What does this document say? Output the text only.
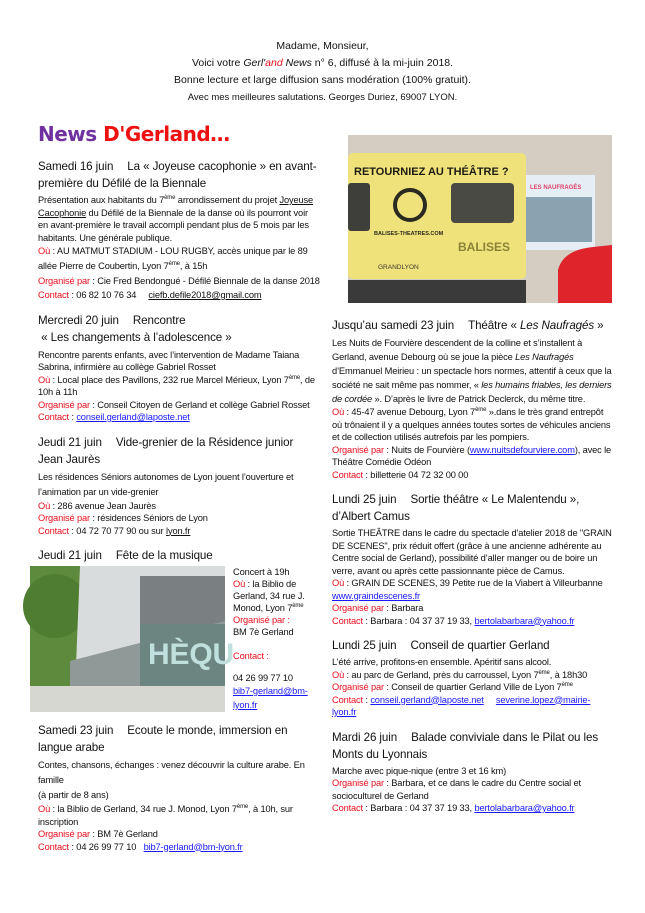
Madame, Monsieur,
Voici votre Gerl'and News n° 6, diffusé à la mi-juin 2018.
Bonne lecture et large diffusion sans modération (100% gratuit).
Avec mes meilleures salutations. Georges Duriez, 69007 LYON.
News D'Gerland…
Samedi 16 juin La « Joyeuse cacophonie » en avant-première du Défilé de la Biennale

Présentation aux habitants du 7ème arrondissement du projet Joyeuse Cacophonie du Défilé de la Biennale de la danse où ils pourront voir en avant-première le travail accompli pendant plus de 5 mois par les habitants. Une générale publique.

Où : AU MATMUT STADIUM - LOU RUGBY, accès unique par le 89 allée Pierre de Coubertin, Lyon 7ème, à 15h

Organisé par : Cie Fred Bendongué - Défilé Biennale de la danse 2018

Contact : 06 82 10 76 34 ciefb.defile2018@gmail.com

Mercredi 20 juin Rencontre
« Les changements à l’adolescence »

Rencontre parents enfants, avec l’intervention de Madame Taiana Sabrina, infirmière au collège Gabriel Rosset

Où : Local place des Pavillons, 232 rue Marcel Mérieux, Lyon 7ème, de 10h à 11h

Organisé par : Conseil Citoyen de Gerland et collège Gabriel Rosset

Contact : conseil.gerland@laposte.net

Jeudi 21 juin Vide-grenier de la Résidence junior Jean Jaurès

Les résidences Séniors autonomes de Lyon jouent l’ouverture et l’animation par un vide-grenier

Où : 286 avenue Jean Jaurès

Organisé par : résidences Séniors de Lyon

Contact : 04 72 70 77 90 ou sur lyon.fr

Jeudi 21 juin Fête de la musique
HÈQU

Concert à 19h

Où : la Biblio de Gerland, 34 rue J. Monod, Lyon 7ème

Organisé par :
BM 7è Gerland

Contact :

04 26 99 77 10

bib7-gerland@bm-lyon.fr

Samedi 23 juin Ecoute le monde, immersion en langue arabe

Contes, chansons, échanges : venez découvrir la culture arabe. En famille

(à partir de 8 ans)

Où : la Biblio de Gerland, 34 rue J. Monod, Lyon 7ème, à 10h, sur inscription

Organisé par : BM 7è Gerland

Contact : 04 26 99 77 10 bib7-gerland@bm-lyon.fr

LES NAUFRAGÉS
RETOURNIEZ AU THÉÂTRE ?
BALISES-THEATRES.COM
BALISES
GRANDLYON
Jusqu’au samedi 23 juin Théâtre « Les Naufragés »

Les Nuits de Fourvière descendent de la colline et s’installent à Gerland, avenue Debourg où se joue la pièce Les Naufragés d’Emmanuel Meirieu : un spectacle hors normes, attentif à ceux que la société ne sait même pas nommer, « les humains friables, les derniers de cordée ». D’après le livre de Patrick Declerck, du même titre.

Où : 45-47 avenue Debourg, Lyon 7ème ».dans le très grand entrepôt où trônaient il y a quelques années toutes sortes de véhicules anciens et de collection utilisés autrefois par les pompiers.

Organisé par : Nuits de Fourvière (www.nuitsdefourviere.com), avec le Théâtre Comédie Odéon

Contact : billetterie 04 72 32 00 00

Lundi 25 juin Sortie théâtre « Le Malentendu », d’Albert Camus

Sortie THEÂTRE dans le cadre du spectacle d'atelier 2018 de "GRAIN DE SCENES", prix réduit offert (grâce à une ancienne adhérente au Centre social de Gerland), possibilité d’aller manger ou de boire un verre, avant ou après cette passionnante pièce de Camus.

Où : GRAIN DE SCENES, 39 Petite rue de la Viabert à Villeurbanne

www.graindescenes.fr

Organisé par : Barbara

Contact : Barbara : 04 37 37 19 33, bertolabarbara@yahoo.fr

Lundi 25 juin Conseil de quartier Gerland

L’été arrive, profitons-en ensemble. Apéritif sans alcool.

Où : au parc de Gerland, près du carroussel, Lyon 7ème, à 18h30

Organisé par : Conseil de quartier Gerland Ville de Lyon 7ème

Contact : conseil.gerland@laposte.net severine.lopez@mairie-lyon.fr

Mardi 26 juin Balade conviviale dans le Pilat ou les Monts du Lyonnais

Marche avec pique-nique (entre 3 et 16 km)

Organisé par : Barbara, et ce dans le cadre du Centre social et socioculturel de Gerland

Contact : Barbara : 04 37 37 19 33, bertolabarbara@yahoo.fr
